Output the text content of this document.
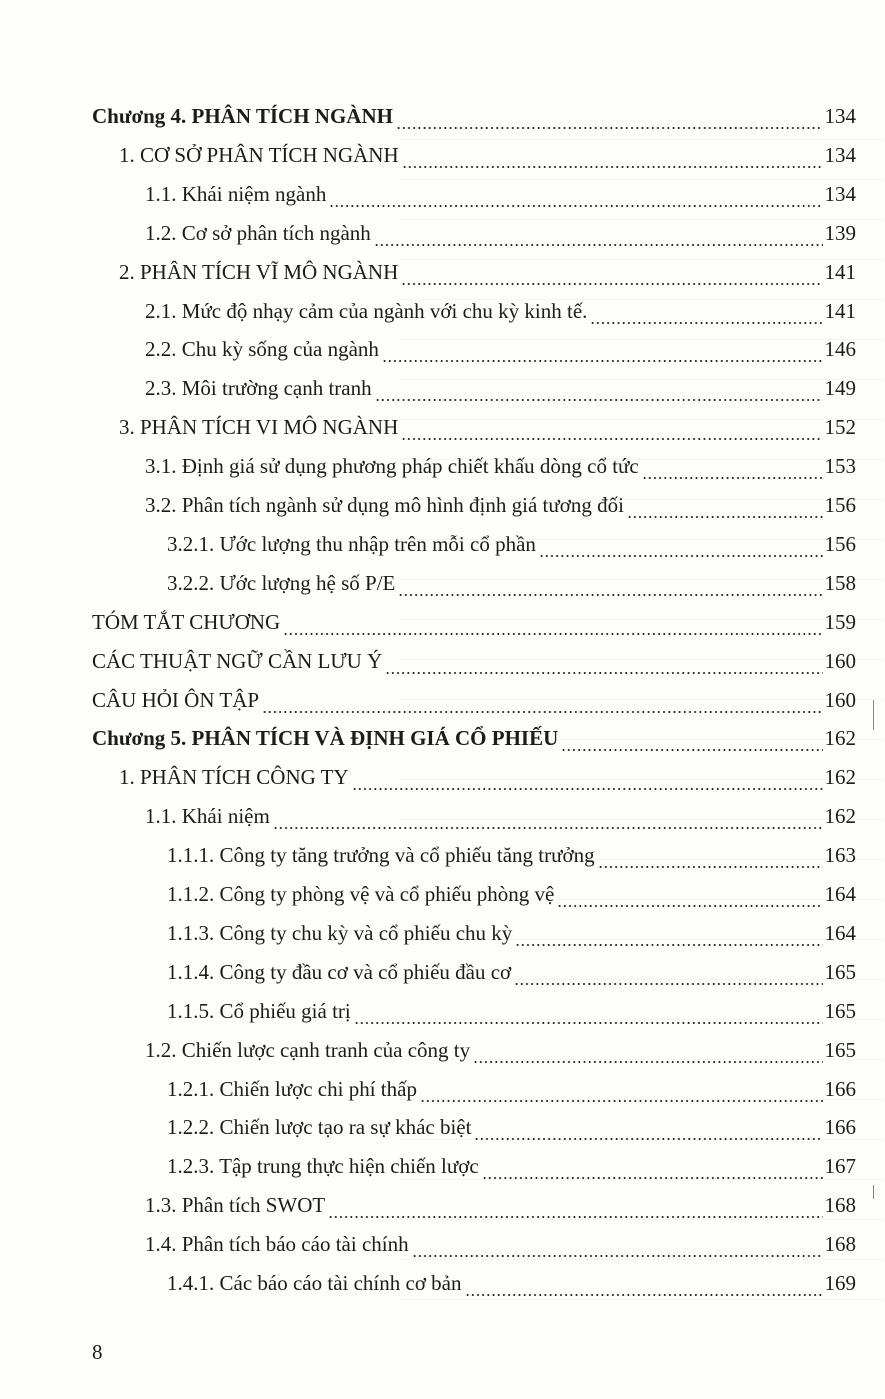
Chương 4. PHÂN TÍCH NGÀNH	134
1. CƠ SỞ PHÂN TÍCH NGÀNH	134
1.1. Khái niệm ngành	134
1.2. Cơ sở phân tích ngành	139
2. PHÂN TÍCH VĨ MÔ NGÀNH	141
2.1. Mức độ nhạy cảm của ngành với chu kỳ kinh tế.	141
2.2. Chu kỳ sống của ngành	146
2.3. Môi trường cạnh tranh	149
3. PHÂN TÍCH VI MÔ NGÀNH	152
3.1. Định giá sử dụng phương pháp chiết khấu dòng cổ tức	153
3.2. Phân tích ngành sử dụng mô hình định giá tương đối	156
3.2.1. Ước lượng thu nhập trên mỗi cổ phần	156
3.2.2. Ước lượng hệ số P/E	158
TÓM TẮT CHƯƠNG	159
CÁC THUẬT NGỮ CẦN LƯU Ý	160
CÂU HỎI ÔN TẬP	160
Chương 5. PHÂN TÍCH VÀ ĐỊNH GIÁ CỔ PHIẾU	162
1. PHÂN TÍCH CÔNG TY	162
1.1. Khái niệm	162
1.1.1. Công ty tăng trưởng và cổ phiếu tăng trưởng	163
1.1.2. Công ty phòng vệ và cổ phiếu phòng vệ	164
1.1.3. Công ty chu kỳ và cổ phiếu chu kỳ	164
1.1.4. Công ty đầu cơ và cổ phiếu đầu cơ	165
1.1.5. Cổ phiếu giá trị	165
1.2. Chiến lược cạnh tranh của công ty	165
1.2.1. Chiến lược chi phí thấp	166
1.2.2. Chiến lược tạo ra sự khác biệt	166
1.2.3. Tập trung thực hiện chiến lược	167
1.3. Phân tích SWOT	168
1.4. Phân tích báo cáo tài chính	168
1.4.1. Các báo cáo tài chính cơ bản	169
8
